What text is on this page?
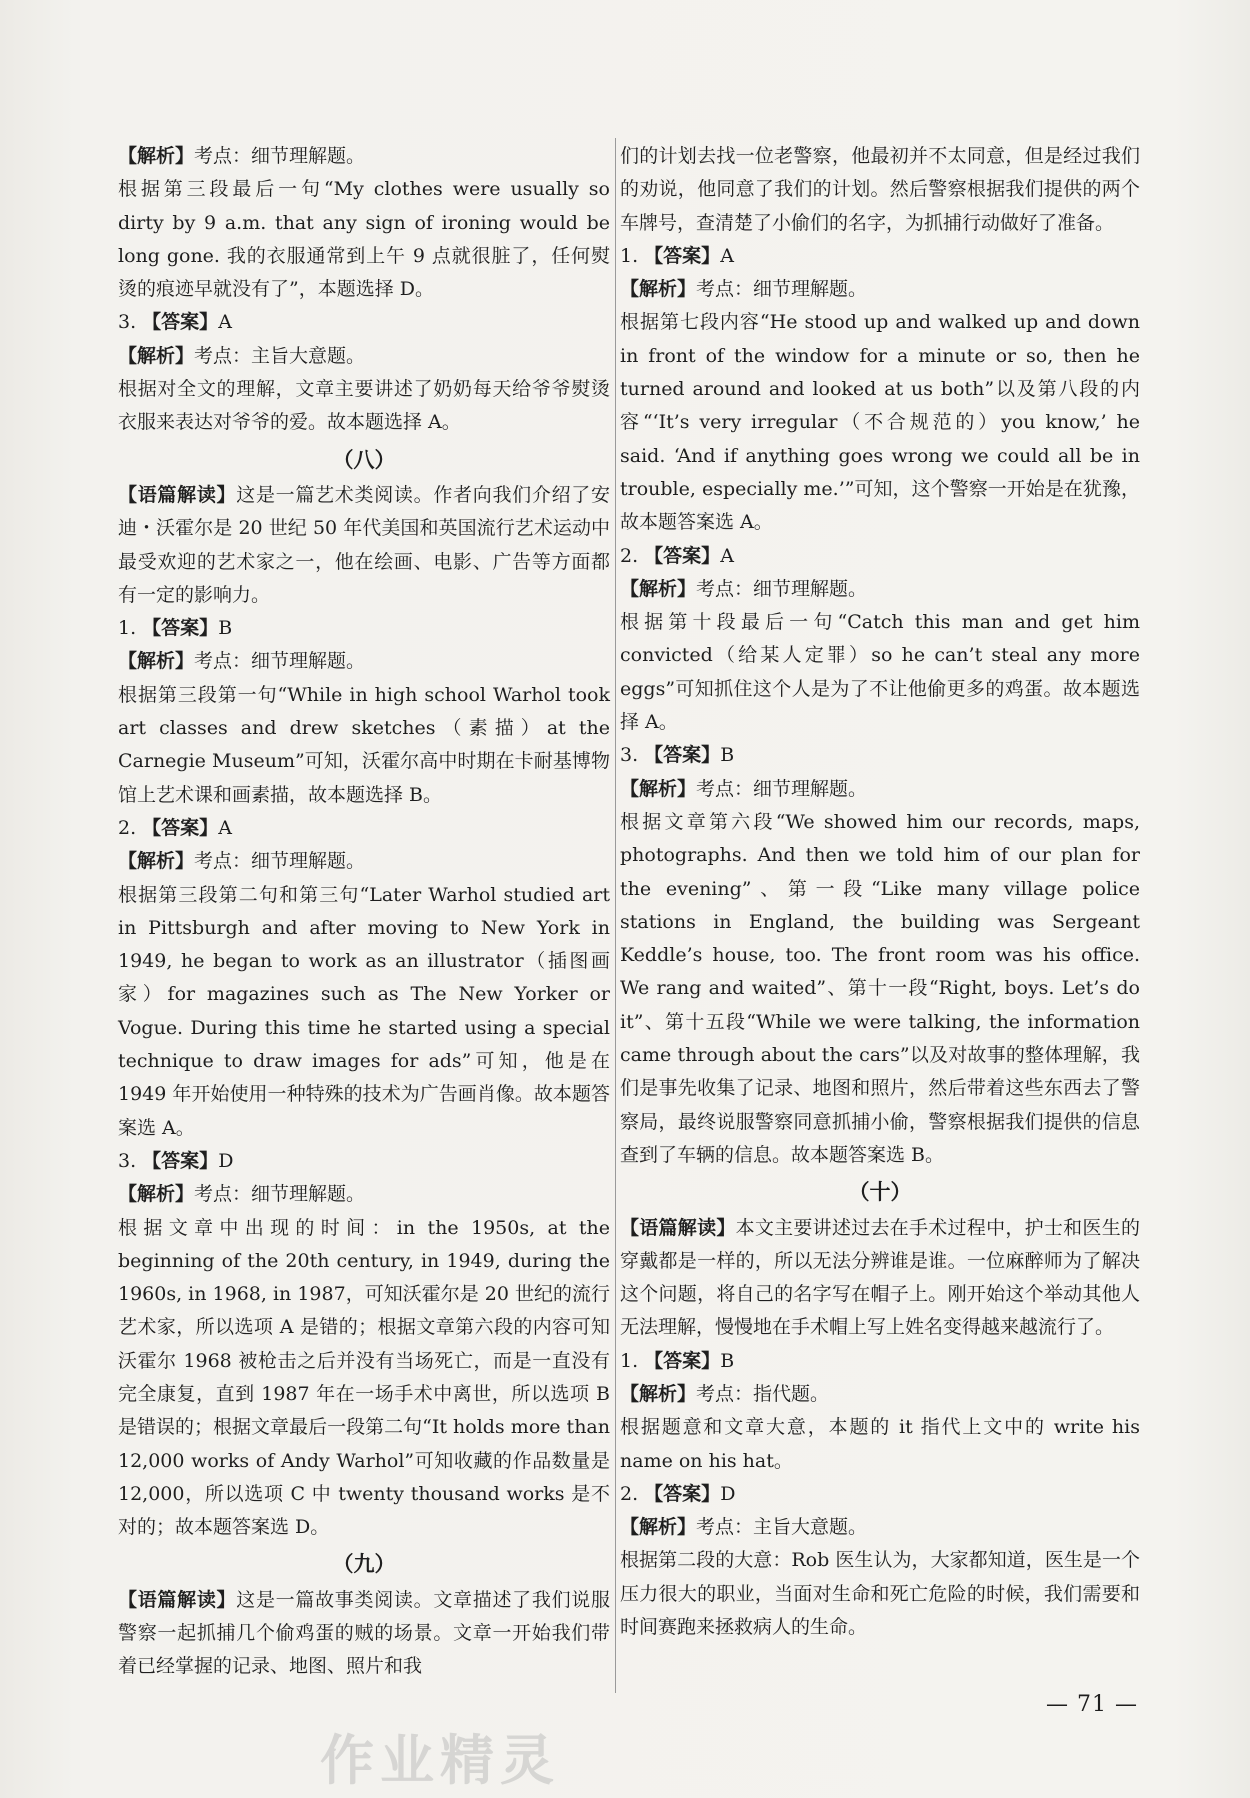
【解析】考点：细节理解题。

根据第三段最后一句“My clothes were usually so dirty by 9 a.m. that any sign of ironing would be long gone. 我的衣服通常到上午 9 点就很脏了，任何熨烫的痕迹早就没有了”，本题选择 D。

3. 【答案】A

【解析】考点：主旨大意题。

根据对全文的理解，文章主要讲述了奶奶每天给爷爷熨烫衣服来表达对爷爷的爱。故本题选择 A。

（八）

【语篇解读】这是一篇艺术类阅读。作者向我们介绍了安迪・沃霍尔是 20 世纪 50 年代美国和英国流行艺术运动中最受欢迎的艺术家之一，他在绘画、电影、广告等方面都有一定的影响力。

1. 【答案】B

【解析】考点：细节理解题。

根据第三段第一句“While in high school Warhol took art classes and drew sketches（素描）at the Carnegie Museum”可知，沃霍尔高中时期在卡耐基博物馆上艺术课和画素描，故本题选择 B。

2. 【答案】A

【解析】考点：细节理解题。

根据第三段第二句和第三句“Later Warhol studied art in Pittsburgh and after moving to New York in 1949, he began to work as an illustrator（插图画家）for magazines such as The New Yorker or Vogue. During this time he started using a special technique to draw images for ads”可知，他是在 1949 年开始使用一种特殊的技术为广告画肖像。故本题答案选 A。

3. 【答案】D

【解析】考点：细节理解题。

根据文章中出现的时间：in the 1950s, at the beginning of the 20th century, in 1949, during the 1960s, in 1968, in 1987，可知沃霍尔是 20 世纪的流行艺术家，所以选项 A 是错的；根据文章第六段的内容可知沃霍尔 1968 被枪击之后并没有当场死亡，而是一直没有完全康复，直到 1987 年在一场手术中离世，所以选项 B 是错误的；根据文章最后一段第二句“It holds more than 12,000 works of Andy Warhol”可知收藏的作品数量是 12,000，所以选项 C 中 twenty thousand works 是不对的；故本题答案选 D。

（九）

【语篇解读】这是一篇故事类阅读。文章描述了我们说服警察一起抓捕几个偷鸡蛋的贼的场景。文章一开始我们带着已经掌握的记录、地图、照片和我

们的计划去找一位老警察，他最初并不太同意，但是经过我们的劝说，他同意了我们的计划。然后警察根据我们提供的两个车牌号，查清楚了小偷们的名字，为抓捕行动做好了准备。

1. 【答案】A

【解析】考点：细节理解题。

根据第七段内容“He stood up and walked up and down in front of the window for a minute or so, then he turned around and looked at us both”以及第八段的内容“‘It’s very irregular（不合规范的）you know,’ he said. ‘And if anything goes wrong we could all be in trouble, especially me.’”可知，这个警察一开始是在犹豫，故本题答案选 A。

2. 【答案】A

【解析】考点：细节理解题。

根据第十段最后一句“Catch this man and get him convicted（给某人定罪）so he can’t steal any more eggs”可知抓住这个人是为了不让他偷更多的鸡蛋。故本题选择 A。

3. 【答案】B

【解析】考点：细节理解题。

根据文章第六段“We showed him our records, maps, photographs. And then we told him of our plan for the evening”、第一段“Like many village police stations in England, the building was Sergeant Keddle’s house, too. The front room was his office. We rang and waited”、第十一段“Right, boys. Let’s do it”、第十五段“While we were talking, the information came through about the cars”以及对故事的整体理解，我们是事先收集了记录、地图和照片，然后带着这些东西去了警察局，最终说服警察同意抓捕小偷，警察根据我们提供的信息查到了车辆的信息。故本题答案选 B。

（十）

【语篇解读】本文主要讲述过去在手术过程中，护士和医生的穿戴都是一样的，所以无法分辨谁是谁。一位麻醉师为了解决这个问题，将自己的名字写在帽子上。刚开始这个举动其他人无法理解，慢慢地在手术帽上写上姓名变得越来越流行了。

1. 【答案】B

【解析】考点：指代题。

根据题意和文章大意，本题的 it 指代上文中的 write his name on his hat。

2. 【答案】D

【解析】考点：主旨大意题。

根据第二段的大意：Rob 医生认为，大家都知道，医生是一个压力很大的职业，当面对生命和死亡危险的时候，我们需要和时间赛跑来拯救病人的生命。

— 71 —
作业精灵
